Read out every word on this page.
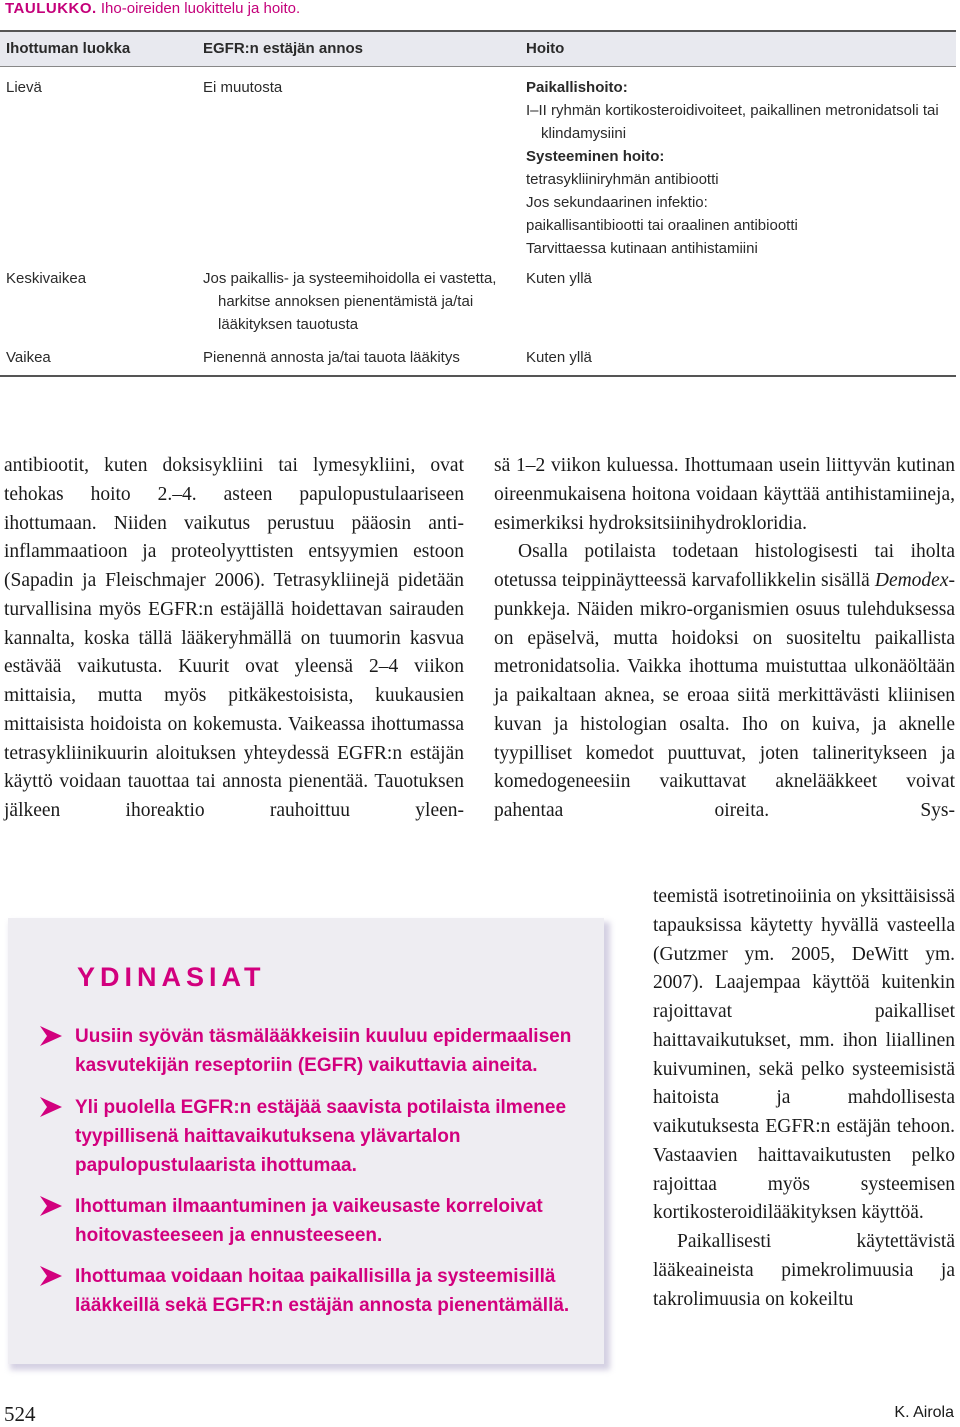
TAULUKKO. Iho-oireiden luokittelu ja hoito.
Ihottuman luokka	EGFR:n estäjän annos	Hoito
Lievä	Ei muutosta	Paikallishoito:
I–II ryhmän kortikosteroidivoiteet, paikallinen metronidatsoli tai klindamysiini
Systeeminen hoito:
tetrasykliiniryhmän antibiootti
Jos sekundaarinen infektio:
paikallisantibiootti tai oraalinen antibiootti
Tarvittaessa kutinaan antihistamiini
Keskivaikea	Jos paikallis- ja systeemihoidolla ei vastetta, harkitse annoksen pienentämistä ja/tai lääkityksen tauotusta
Kuten yllä
Vaikea	Pienennä annosta ja/tai tauota lääkitys	Kuten yllä

antibiootit, kuten doksisykliini tai lymesykliini, ovat tehokas hoito 2.–4. asteen papulopustulaariseen ihottumaan. Niiden vaikutus perustuu pääosin anti-inflammaatioon ja proteolyyttisten entsyymien estoon (Sapadin ja Fleischmajer 2006). Tetrasykliinejä pidetään turvallisina myös EGFR:n estäjällä hoidettavan sairauden kannalta, koska tällä lääkeryhmällä on tuumorin kasvua estävää vaikutusta. Kuurit ovat yleensä 2–4 viikon mittaisia, mutta myös pitkäkestoisista, kuukausien mittaisista hoidoista on kokemusta. Vaikeassa ihottumassa tetrasykliinikuurin aloituksen yhteydessä EGFR:n estäjän käyttö voidaan tauottaa tai annosta pienentää. Tauotuksen jälkeen ihoreaktio rauhoittuu yleen-

sä 1–2 viikon kuluessa. Ihottumaan usein liittyvän kutinan oireenmukaisena hoitona voidaan käyttää antihistamiineja, esimerkiksi hydroksitsiinihydrokloridia.

Osalla potilaista todetaan histologisesti tai iholta otetussa teippinäytteessä karvafollikkelin sisällä Demodex-punkkeja. Näiden mikro-organismien osuus tulehduksessa on epäselvä, mutta hoidoksi on suositeltu paikallista metronidatsolia. Vaikka ihottuma muistuttaa ulkonäöltään ja paikaltaan aknea, se eroaa siitä merkittävästi kliinisen kuvan ja histologian osalta. Iho on kuiva, ja aknelle tyypilliset komedot puuttuvat, joten talineritykseen ja komedogeneesiin vaikuttavat aknelääkkeet voivat pahentaa oireita. Sys-

teemistä isotretinoiinia on yksittäisissä tapauksissa käytetty hyvällä vasteella (Gutzmer ym. 2005, DeWitt ym. 2007). Laajempaa käyttöä kuitenkin rajoittavat paikalliset haittavaikutukset, mm. ihon liiallinen kuivuminen, sekä pelko systeemisistä haitoista ja mahdollisesta vaikutuksesta EGFR:n estäjän tehoon. Vastaavien haittavaikutusten pelko rajoittaa myös systeemisen kortikosteroidilääkityksen käyttöä.

Paikallisesti käytettävistä lääkeaineista pimekrolimuusia ja takrolimuusia on kokeiltu

YDINASIAT
Uusiin syövän täsmälääkkeisiin kuuluu epidermaalisen kasvutekijän reseptoriin (EGFR) vaikuttavia aineita.
Yli puolella EGFR:n estäjää saavista potilaista ilmenee tyypillisenä haittavaikutuksena ylävartalon papulopustulaarista ihottumaa.
Ihottuman ilmaantuminen ja vaikeusaste korreloivat hoitovasteeseen ja ennusteeseen.
Ihottumaa voidaan hoitaa paikallisilla ja systeemisillä lääkkeillä sekä EGFR:n estäjän annosta pienentämällä.
524	K. Airola
